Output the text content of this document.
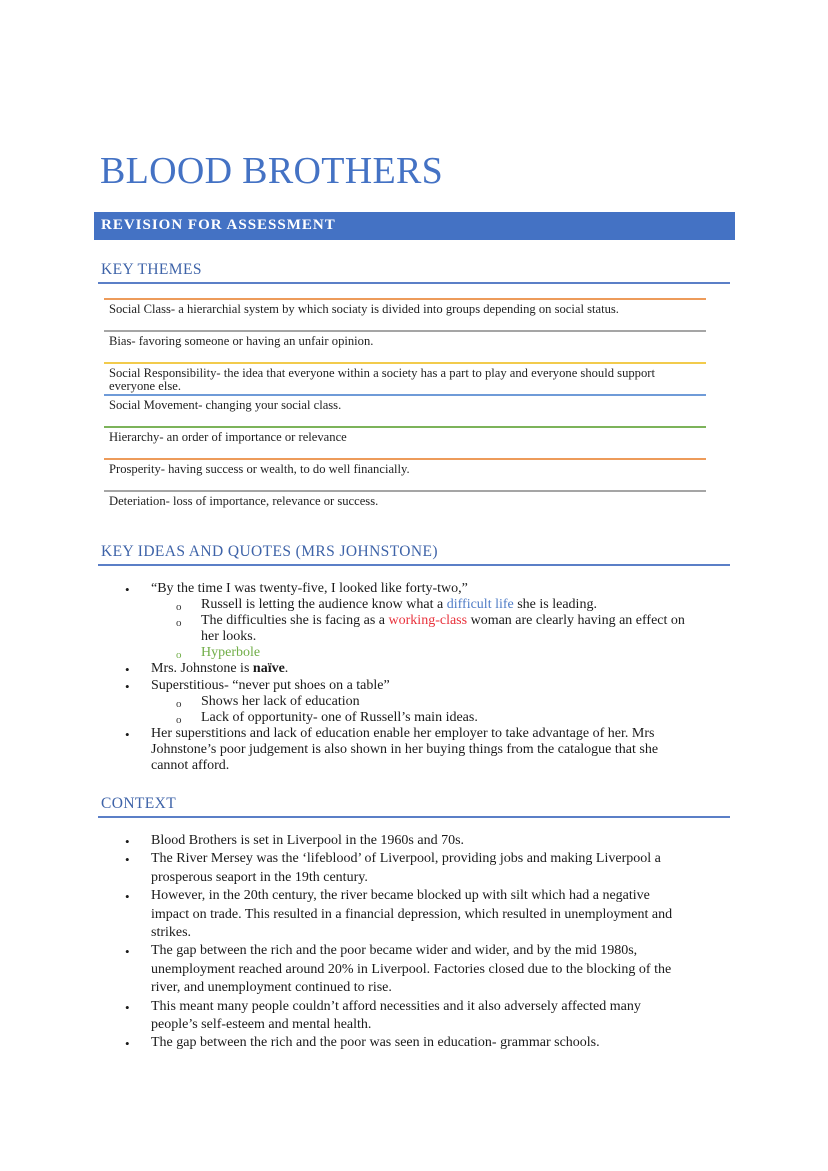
BLOOD BROTHERS
REVISION FOR ASSESSMENT
KEY THEMES
Social Class- a hierarchial system by which sociaty is divided into groups depending on social status.
Bias- favoring someone or having an unfair opinion.
Social Responsibility- the idea that everyone within a society has a part to play and everyone should support everyone else.
Social Movement- changing your social class.
Hierarchy- an order of importance or relevance
Prosperity- having success or wealth, to do well financially.
Deteriation- loss of importance, relevance or success.
KEY IDEAS AND QUOTES (MRS JOHNSTONE)
• “By the time I was twenty-five, I looked like forty-two,”
o Russell is letting the audience know what a difficult life she is leading.
o The difficulties she is facing as a working-class woman are clearly having an effect on
her looks.
o Hyperbole
• Mrs. Johnstone is naïve.
• Superstitious- “never put shoes on a table”
o Shows her lack of education
o Lack of opportunity- one of Russell’s main ideas.
• Her superstitions and lack of education enable her employer to take advantage of her. Mrs
Johnstone’s poor judgement is also shown in her buying things from the catalogue that she
cannot afford.
CONTEXT
• Blood Brothers is set in Liverpool in the 1960s and 70s.
• The River Mersey was the ‘lifeblood’ of Liverpool, providing jobs and making Liverpool a
prosperous seaport in the 19th century.
• However, in the 20th century, the river became blocked up with silt which had a negative
impact on trade. This resulted in a financial depression, which resulted in unemployment and
strikes.
• The gap between the rich and the poor became wider and wider, and by the mid 1980s,
unemployment reached around 20% in Liverpool. Factories closed due to the blocking of the
river, and unemployment continued to rise.
• This meant many people couldn’t afford necessities and it also adversely affected many
people’s self-esteem and mental health.
• The gap between the rich and the poor was seen in education- grammar schools.
